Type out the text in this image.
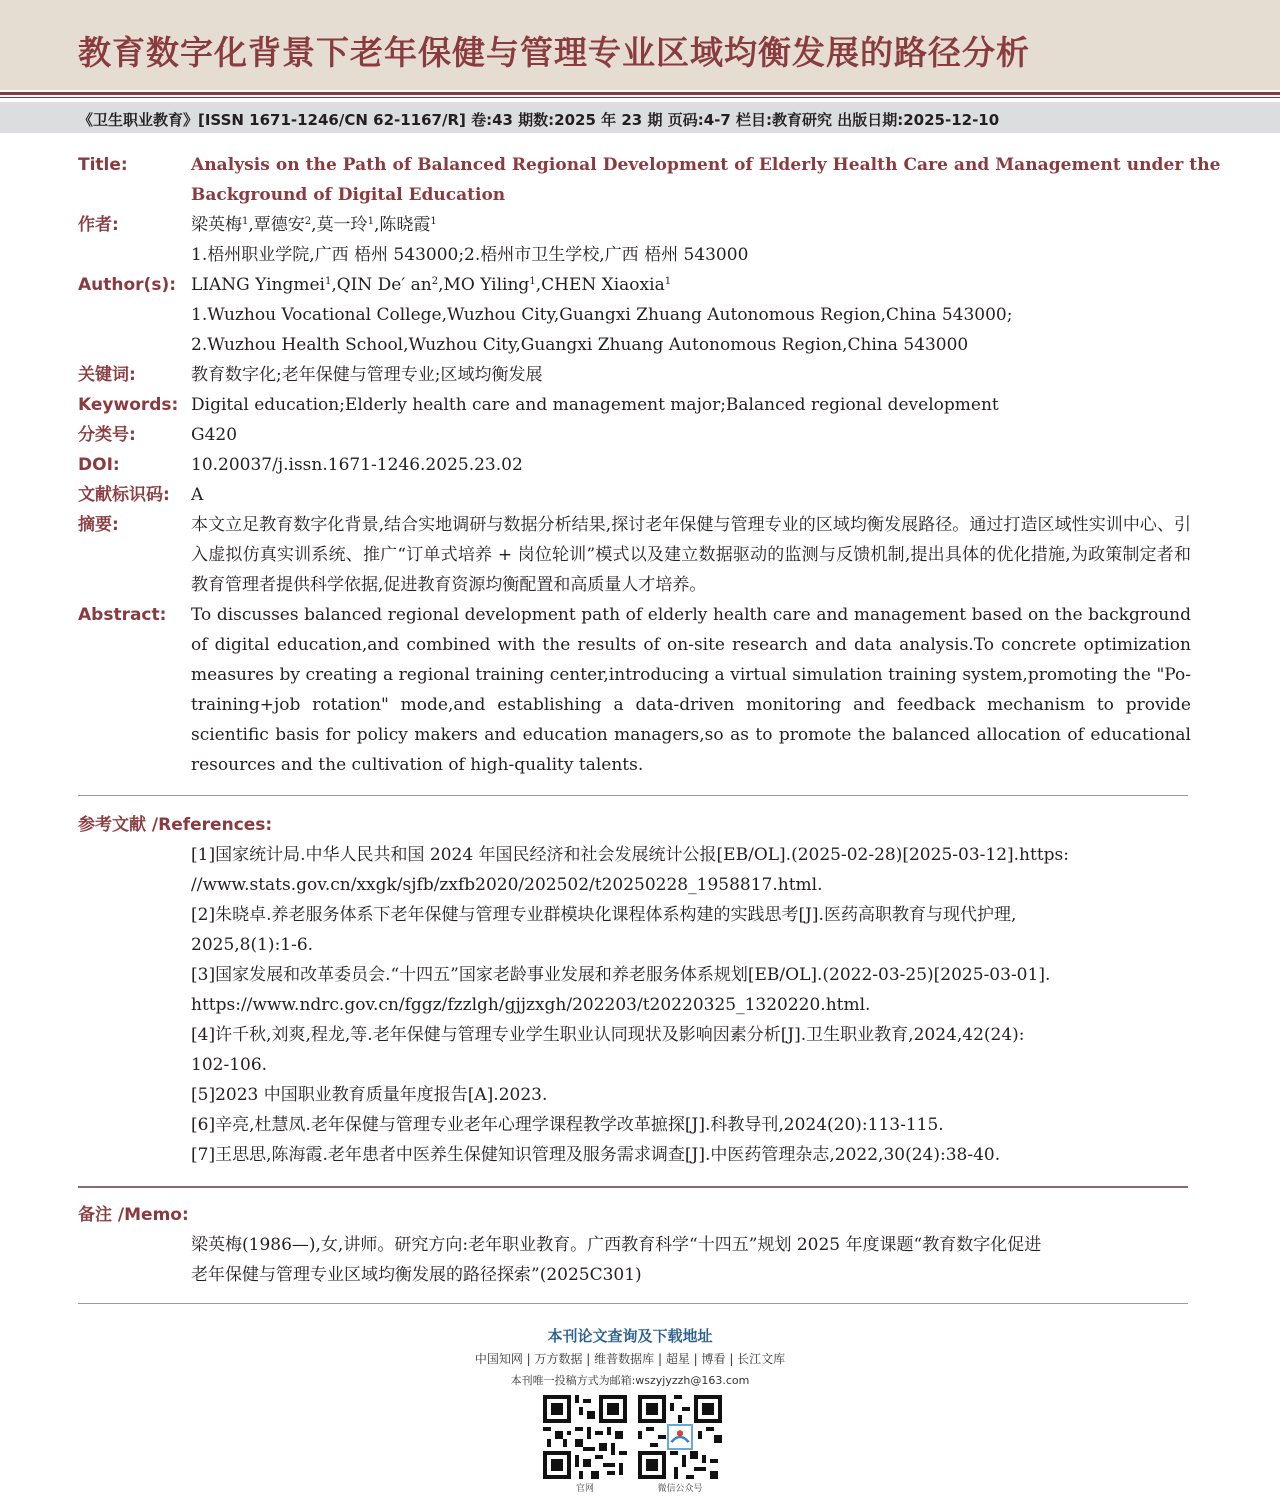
教育数字化背景下老年保健与管理专业区域均衡发展的路径分析
《卫生职业教育》[ISSN 1671-1246/CN 62-1167/R] 卷:43 期数:2025 年 23 期 页码:4-7 栏目:教育研究 出版日期:2025-12-10
Title:	Analysis on the Path of Balanced Regional Development of Elderly Health Care and Management under the
Background of Digital Education
作者:	梁英梅$^1$,覃德安$^2$,莫一玲$^1$,陈晓霞$^1$
1.梧州职业学院,广西 梧州 543000;2.梧州市卫生学校,广西 梧州 543000
Author(s): LIANG Yingmei$^1$,QIN De′ $an^2,MO$ Yiling$^1$,CHEN Xiaoxia$^1$
1.Wuzhou Vocational College,Wuzhou City,Guangxi Zhuang Autonomous Region,China 543000;
2.Wuzhou Health School,Wuzhou City,Guangxi Zhuang Autonomous Region,China 543000
关键词:	教育数字化;老年保健与管理专业;区域均衡发展
Keywords: Digital education;Elderly health care and management major;Balanced regional development
分类号:	G420
DOI:	10.20037/j.issn.1671-1246.2025.23.02
文献标识码: A
摘要:	本文立足教育数字化背景,结合实地调研与数据分析结果,探讨老年保健与管理专业的区域均衡发展路径。通过打造区域性实训中心、引入虚拟仿真实训系统、推广“订单式培养 + 岗位轮训”模式以及建立数据驱动的监测与反馈机制,提出具体的优化措施,为政策制定者和教育管理者提供科学依据,促进教育资源均衡配置和高质量人才培养。
Abstract: To discusses balanced regional development path of elderly health care and management based on the background of digital education,and combined with the results of on-site research and data analysis.To concrete optimization measures by creating a regional training center,introducing a virtual simulation training system,promoting the "Po-training+job rotation" mode,and establishing a data-driven monitoring and feedback mechanism to provide scientific basis for policy makers and education managers,so as to promote the balanced allocation of educational resources and the cultivation of high-quality talents.
参考文献 /References:
[1]国家统计局.中华人民共和国 2024 年国民经济和社会发展统计公报[EB/OL].(2025-02-28)[2025-03-12].https:
//www.stats.gov.cn/xxgk/sjfb/zxfb2020/202502/t20250228_1958817.html.
[2]朱晓卓.养老服务体系下老年保健与管理专业群模块化课程体系构建的实践思考[J].医药高职教育与现代护理,
2025,8(1):1-6.
[3]国家发展和改革委员会.“十四五”国家老龄事业发展和养老服务体系规划[EB/OL].(2022-03-25)[2025-03-01].
https://www.ndrc.gov.cn/fggz/fzzlgh/gjjzxgh/202203/t20220325_1320220.html.
[4]许千秋,刘爽,程龙,等.老年保健与管理专业学生职业认同现状及影响因素分析[J].卫生职业教育,2024,42(24):
102-106.
[5]2023 中国职业教育质量年度报告[A].2023.
[6]辛亮,杜慧凤.老年保健与管理专业老年心理学课程教学改革摭探[J].科教导刊,2024(20):113-115.
[7]王思思,陈海霞.老年患者中医养生保健知识管理及服务需求调查[J].中医药管理杂志,2022,30(24):38-40.
备注 /Memo:
梁英梅(1986—),女,讲师。研究方向:老年职业教育。广西教育科学“十四五”规划 2025 年度课题“教育数字化促进
老年保健与管理专业区域均衡发展的路径探索”(2025C301)
本刊论文查询及下载地址
中国知网 | 万方数据 | 维普数据库 | 超星 | 博看 | 长江文库
本刊唯一投稿方式为邮箱:wszyjyzzh@163.com
官网	微信公众号
